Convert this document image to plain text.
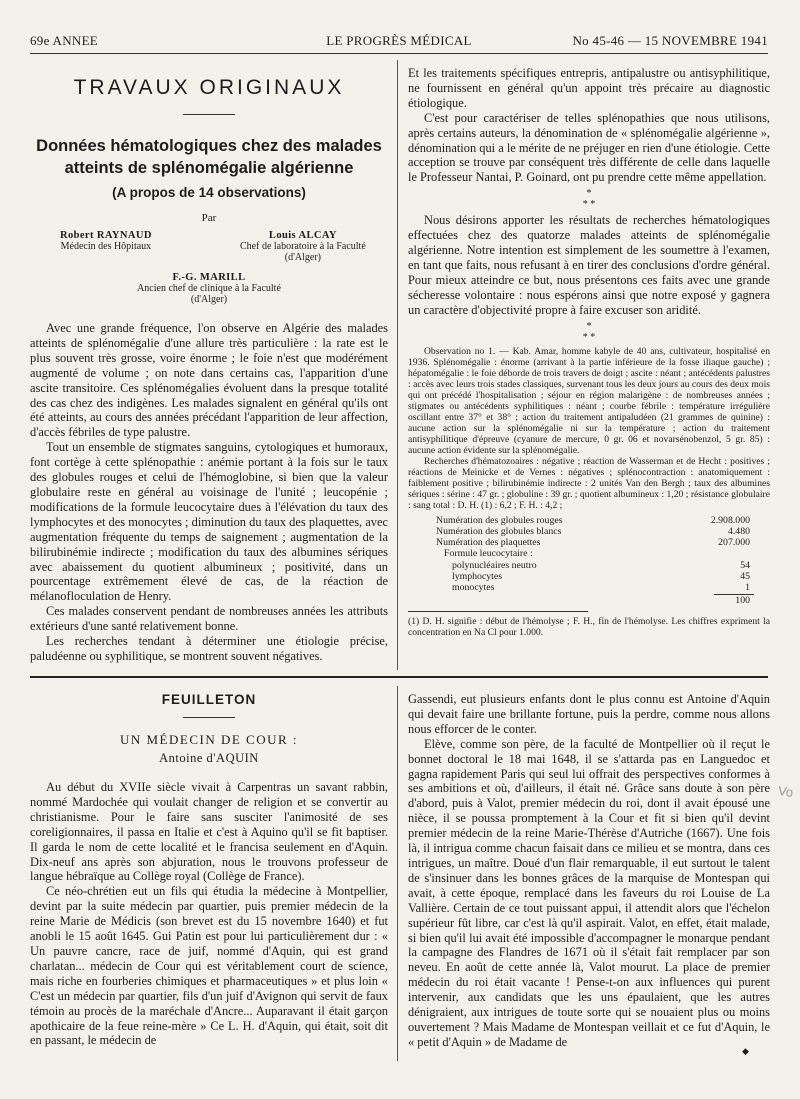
69e ANNEE	LE PROGRÈS MÉDICAL	No 45-46 — 15 NOVEMBRE 1941
TRAVAUX ORIGINAUX
Données hématologiques chez des malades
atteints de splénomégalie algérienne
(A propos de 14 observations)
Par
Robert RAYNAUD
Médecin des Hôpitaux
Louis ALCAY
Chef de laboratoire à la Faculté
(d'Alger)
F.-G. MARILL
Ancien chef de clinique à la Faculté
(d'Alger)

Avec une grande fréquence, l'on observe en Algérie des malades atteints de splénomégalie d'une allure très particulière : la rate est le plus souvent très grosse, voire énorme ; le foie n'est que modérément augmenté de volume ; on note dans certains cas, l'apparition d'une ascite transitoire. Ces splénomégalies évoluent dans la presque totalité des cas chez des indigènes. Les malades signalent en général qu'ils ont été atteints, au cours des années précédant l'apparition de leur affection, d'accès fébriles de type palustre.

Tout un ensemble de stigmates sanguins, cytologiques et humoraux, font cortège à cette splénopathie : anémie portant à la fois sur le taux des globules rouges et celui de l'hémoglobine, si bien que la valeur globulaire reste en général au voisinage de l'unité ; leucopénie ; modifications de la formule leucocytaire dues à l'élévation du taux des lymphocytes et des monocytes ; diminution du taux des plaquettes, avec augmentation fréquente du temps de saignement ; augmentation de la bilirubinémie indirecte ; modification du taux des albumines sériques avec abaissement du quotient albumineux ; positivité, dans un pourcentage extrêmement élevé de cas, de la réaction de mélanofloculation de Henry.

Ces malades conservent pendant de nombreuses années les attributs extérieurs d'une santé relativement bonne.

Les recherches tendant à déterminer une étiologie précise, paludéenne ou syphilitique, se montrent souvent négatives.

Et les traitements spécifiques entrepris, antipalustre ou antisyphilitique, ne fournissent en général qu'un appoint très précaire au diagnostic étiologique.

C'est pour caractériser de telles splénopathies que nous utilisons, après certains auteurs, la dénomination de « splénomégalie algérienne », dénomination qui a le mérite de ne préjuger en rien d'une étiologie. Cette acception se trouve par conséquent très différente de celle dans laquelle le Professeur Nantai, P. Goinard, ont pu prendre cette même appellation.

*
* *

Nous désirons apporter les résultats de recherches hématologiques effectuées chez des quatorze malades atteints de splénomégalie algérienne. Notre intention est simplement de les soumettre à l'examen, en tant que faits, nous refusant à en tirer des conclusions d'ordre général. Pour mieux atteindre ce but, nous présentons ces faits avec une grande sécheresse volontaire : nous espérons ainsi que notre exposé y gagnera un caractère d'objectivité propre à faire excuser son aridité.

*
* *

Observation no 1. — Kab. Amar, homme kabyle de 40 ans, cultivateur, hospitalisé en 1936. Splénomégalie : énorme (arrivant à la partie inférieure de la fosse iliaque gauche) ; hépatomégalie : le foie déborde de trois travers de doigt ; ascite : néant ; antécédents palustres : accès avec leurs trois stades classiques, survenant tous les deux jours au cours des deux mois qui ont précédé l'hospitalisation ; séjour en région malarigène : de nombreuses années ; stigmates ou antécédents syphilitiques : néant ; courbe fébrile : température irrégulière oscillant entre 37° et 38° ; action du traitement antipaludéen (21 grammes de quinine) : aucune action sur la splénomégalie ni sur la température ; action du traitement antisyphilitique d'épreuve (cyanure de mercure, 0 gr. 06 et novarsénobenzol, 5 gr. 85) : aucune action évidente sur la splénomégalie.

Recherches d'hématozoaires : négative ; réaction de Wasserman et de Hecht : positives ; réactions de Meinicke et de Vernes : négatives ; splénocontraction : anatomiquement : faiblement positive ; bilirubinémie indirecte : 2 unités Van den Bergh ; taux des albumines sériques : sérine : 47 gr. ; globuline : 39 gr. ; quotient albumineux : 1,20 ; résistance globulaire : sang total : D. H. (1) : 6,2 ; F. H. : 4,2 ;

Numération des globules rouges	2.908.000
Numération des globules blancs	4.480
Numération des plaquettes	207.000
Formule leucocytaire :
polynucléaires neutro	54
lymphocytes	45
monocytes	1
100

(1) D. H. signifie : début de l'hémolyse ; F. H., fin de l'hémolyse. Les chiffres expriment la concentration en Na Cl pour 1.000.

FEUILLETON
UN MÉDECIN DE COUR :
Antoine d'AQUIN

Au début du XVIIe siècle vivait à Carpentras un savant rabbin, nommé Mardochée qui voulait changer de religion et se convertir au christianisme. Pour le faire sans susciter l'animosité de ses coreligionnaires, il passa en Italie et c'est à Aquino qu'il se fit baptiser. Il garda le nom de cette localité et le francisa seulement en d'Aquin. Dix-neuf ans après son abjuration, nous le trouvons professeur de langue hébraïque au Collège royal (Collège de France).

Ce néo-chrétien eut un fils qui étudia la médecine à Montpellier, devint par la suite médecin par quartier, puis premier médecin de la reine Marie de Médicis (son brevet est du 15 novembre 1640) et fut anobli le 15 août 1645. Gui Patin est pour lui particulièrement dur : « Un pauvre cancre, race de juif, nommé d'Aquin, qui est grand charlatan... médecin de Cour qui est véritablement court de science, mais riche en fourberies chimiques et pharmaceutiques » et plus loin « C'est un médecin par quartier, fils d'un juif d'Avignon qui servit de faux témoin au procès de la maréchale d'Ancre... Auparavant il était garçon apothicaire de la feue reine-mère » Ce L. H. d'Aquin, qui était, soit dit en passant, le médecin de

Gassendi, eut plusieurs enfants dont le plus connu est Antoine d'Aquin qui devait faire une brillante fortune, puis la perdre, comme nous allons nous efforcer de le conter.

Elève, comme son père, de la faculté de Montpellier où il reçut le bonnet doctoral le 18 mai 1648, il se s'attarda pas en Languedoc et gagna rapidement Paris qui seul lui offrait des perspectives conformes à ses ambitions et où, d'ailleurs, il était né. Grâce sans doute à son père d'abord, puis à Valot, premier médecin du roi, dont il avait épousé une nièce, il se poussa promptement à la Cour et fit si bien qu'il devint premier médecin de la reine Marie-Thérèse d'Autriche (1667). Une fois là, il intrigua comme chacun faisait dans ce milieu et se montra, dans ces intrigues, un maître. Doué d'un flair remarquable, il eut surtout le talent de s'insinuer dans les bonnes grâces de la marquise de Montespan qui avait, à cette époque, remplacé dans les faveurs du roi Louise de La Vallière. Certain de ce tout puissant appui, il attendit alors que l'échelon supérieur fût libre, car c'est là qu'il aspirait. Valot, en effet, était malade, si bien qu'il lui avait été impossible d'accompagner le monarque pendant la campagne des Flandres de 1671 où il s'était fait remplacer par son neveu. En août de cette année là, Valot mourut. La place de premier médecin du roi était vacante ! Pense-t-on aux influences qui purent intervenir, aux candidats que les uns épaulaient, que les autres dénigraient, aux intrigues de toute sorte qui se nouaient plus ou moins ouvertement ? Mais Madame de Montespan veillait et ce fut d'Aquin, le « petit d'Aquin » de Madame de

Vo
◆
